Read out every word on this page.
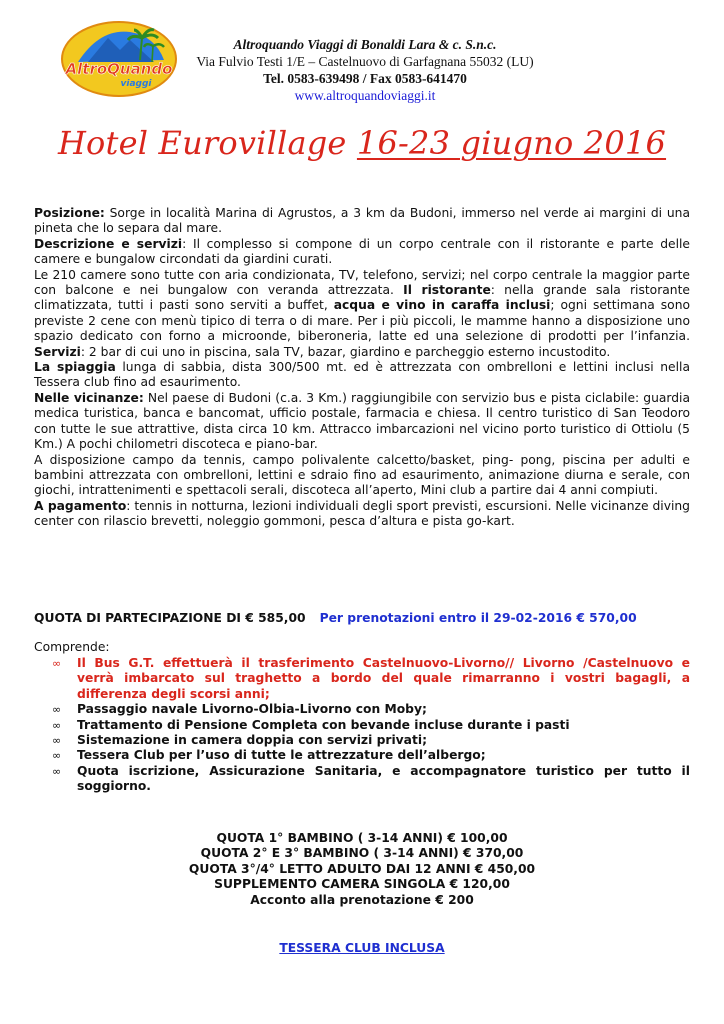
AltroQuando
viaggi
Altroquando Viaggi di Bonaldi Lara & c. S.n.c.
Via Fulvio Testi 1/E – Castelnuovo di Garfagnana 55032 (LU)
Tel. 0583-639498 / Fax 0583-641470
www.altroquandoviaggi.it
Hotel Eurovillage 16-23 giugno 2016

Posizione: Sorge in località Marina di Agrustos, a 3 km da Budoni, immerso nel verde ai margini di una pineta che lo separa dal mare.

Descrizione e servizi: Il complesso si compone di un corpo centrale con il ristorante e parte delle camere e bungalow circondati da giardini curati.

Le 210 camere sono tutte con aria condizionata, TV, telefono, servizi; nel corpo centrale la maggior parte con balcone e nei bungalow con veranda attrezzata. Il ristorante: nella grande sala ristorante climatizzata, tutti i pasti sono serviti a buffet, acqua e vino in caraffa inclusi; ogni settimana sono previste 2 cene con menù tipico di terra o di mare. Per i più piccoli, le mamme hanno a disposizione uno spazio dedicato con forno a microonde, biberoneria, latte ed una selezione di prodotti per l’infanzia. Servizi: 2 bar di cui uno in piscina, sala TV, bazar, giardino e parcheggio esterno incustodito.

La spiaggia lunga di sabbia, dista 300/500 mt. ed è attrezzata con ombrelloni e lettini inclusi nella Tessera club fino ad esaurimento.

Nelle vicinanze: Nel paese di Budoni (c.a. 3 Km.) raggiungibile con servizio bus e pista ciclabile: guardia medica turistica, banca e bancomat, ufficio postale, farmacia e chiesa. Il centro turistico di San Teodoro con tutte le sue attrattive, dista circa 10 km. Attracco imbarcazioni nel vicino porto turistico di Ottiolu (5 Km.) A pochi chilometri discoteca e piano-bar.

A disposizione campo da tennis, campo polivalente calcetto/basket, ping- pong, piscina per adulti e bambini attrezzata con ombrelloni, lettini e sdraio fino ad esaurimento, animazione diurna e serale, con giochi, intrattenimenti e spettacoli serali, discoteca all’aperto, Mini club a partire dai 4 anni compiuti.

A pagamento: tennis in notturna, lezioni individuali degli sport previsti, escursioni. Nelle vicinanze diving center con rilascio brevetti, noleggio gommoni, pesca d’altura e pista go-kart.

QUOTA DI PARTECIPAZIONE DI € 585,00 Per prenotazioni entro il 29-02-2016 € 570,00
Comprende:
∞ Il Bus G.T. effettuerà il trasferimento Castelnuovo-Livorno// Livorno /Castelnuovo e verrà imbarcato sul traghetto a bordo del quale rimarranno i vostri bagagli, a differenza degli scorsi anni;
∞ Passaggio navale Livorno-Olbia-Livorno con Moby;
∞ Trattamento di Pensione Completa con bevande incluse durante i pasti
∞ Sistemazione in camera doppia con servizi privati;
∞ Tessera Club per l’uso di tutte le attrezzature dell’albergo;
∞ Quota iscrizione, Assicurazione Sanitaria, e accompagnatore turistico per tutto il soggiorno.
QUOTA 1° BAMBINO ( 3-14 ANNI) € 100,00
QUOTA 2° E 3° BAMBINO ( 3-14 ANNI) € 370,00
QUOTA 3°/4° LETTO ADULTO DAI 12 ANNI € 450,00
SUPPLEMENTO CAMERA SINGOLA € 120,00
Acconto alla prenotazione € 200
TESSERA CLUB INCLUSA
